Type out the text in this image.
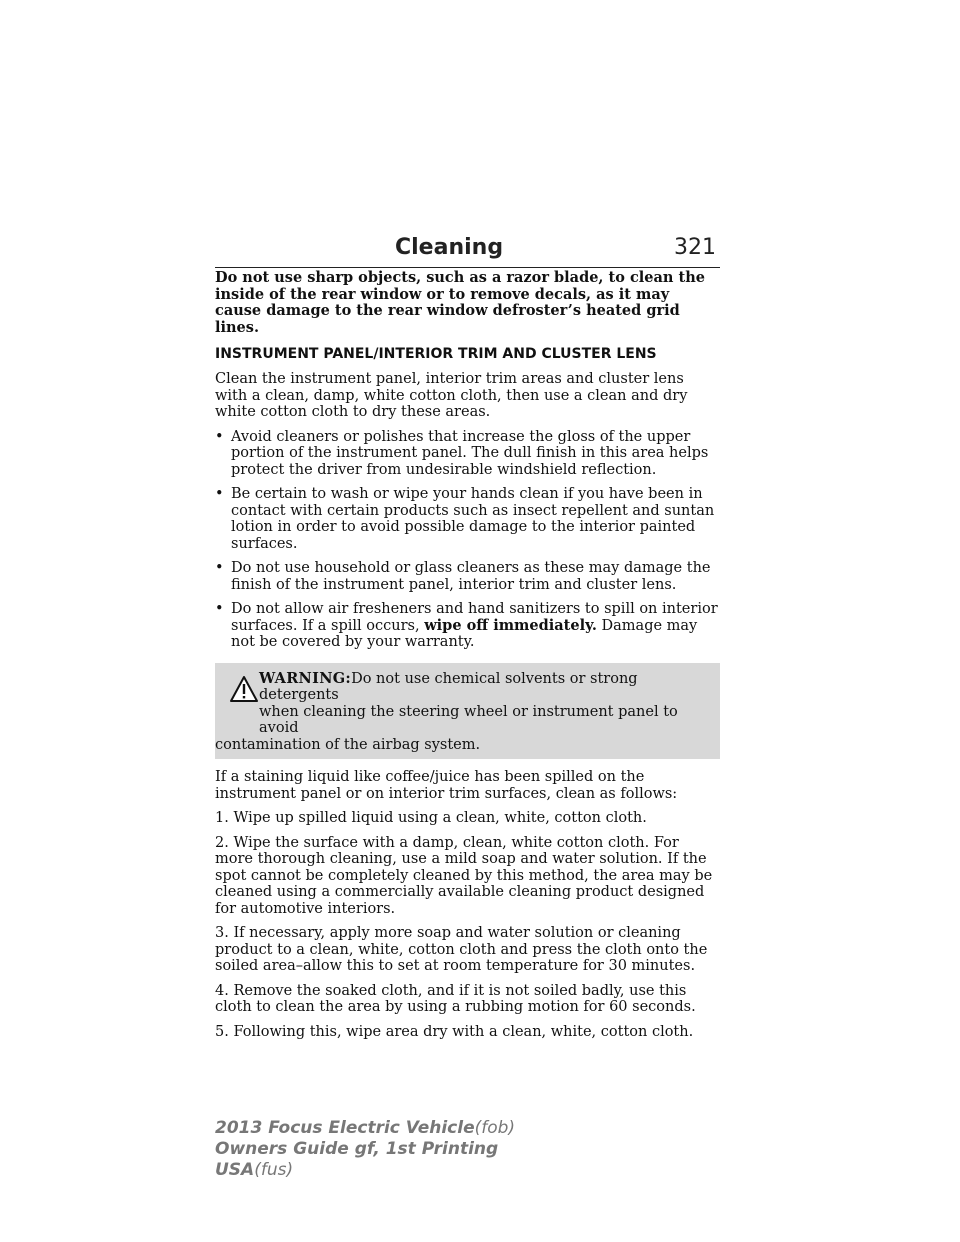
Cleaning	321

Do not use sharp objects, such as a razor blade, to clean the inside of the rear window or to remove decals, as it may cause damage to the rear window defroster’s heated grid lines.

INSTRUMENT PANEL/INTERIOR TRIM AND CLUSTER LENS

Clean the instrument panel, interior trim areas and cluster lens with a clean, damp, white cotton cloth, then use a clean and dry white cotton cloth to dry these areas.

• Avoid cleaners or polishes that increase the gloss of the upper portion of the instrument panel. The dull finish in this area helps protect the driver from undesirable windshield reflection.
• Be certain to wash or wipe your hands clean if you have been in contact with certain products such as insect repellent and suntan lotion in order to avoid possible damage to the interior painted surfaces.
• Do not use household or glass cleaners as these may damage the finish of the instrument panel, interior trim and cluster lens.
• Do not allow air fresheners and hand sanitizers to spill on interior surfaces. If a spill occurs, wipe off immediately. Damage may not be covered by your warranty.
WARNING:Do not use chemical solvents or strong detergents
when cleaning the steering wheel or instrument panel to avoid
contamination of the airbag system.

If a staining liquid like coffee/juice has been spilled on the instrument panel or on interior trim surfaces, clean as follows:

1. Wipe up spilled liquid using a clean, white, cotton cloth.

2. Wipe the surface with a damp, clean, white cotton cloth. For more thorough cleaning, use a mild soap and water solution. If the spot cannot be completely cleaned by this method, the area may be cleaned using a commercially available cleaning product designed for automotive interiors.

3. If necessary, apply more soap and water solution or cleaning product to a clean, white, cotton cloth and press the cloth onto the soiled area–allow this to set at room temperature for 30 minutes.

4. Remove the soaked cloth, and if it is not soiled badly, use this cloth to clean the area by using a rubbing motion for 60 seconds.

5. Following this, wipe area dry with a clean, white, cotton cloth.

2013 Focus Electric Vehicle(fob)
Owners Guide gf, 1st Printing
USA(fus)
